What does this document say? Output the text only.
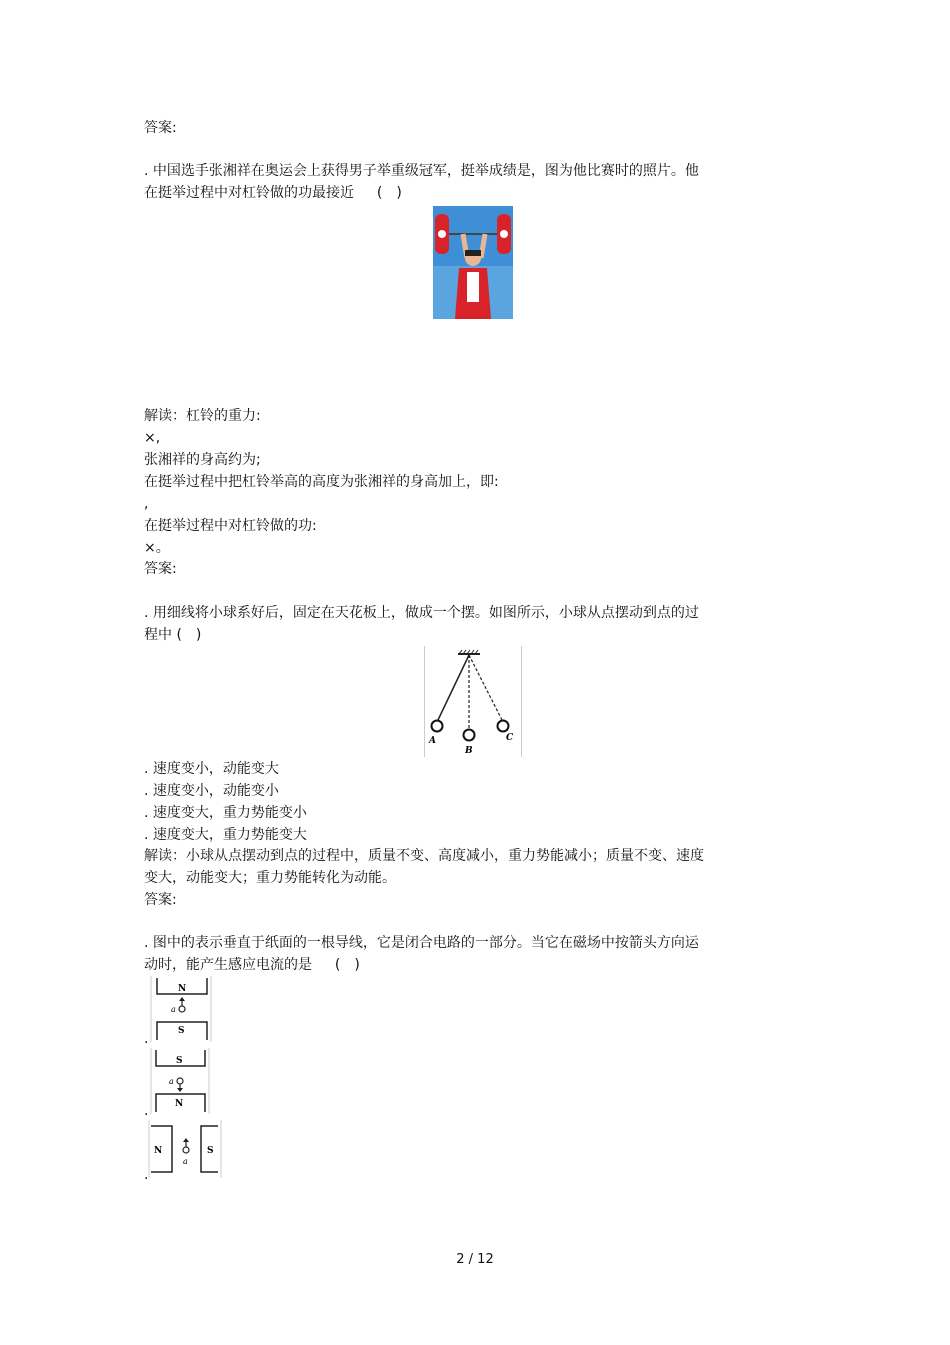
答案:
. 中国选手张湘祥在奥运会上获得男子举重级冠军，挺举成绩是，图为他比赛时的照片。他
在挺举过程中对杠铃做的功最接近 　 (　)
解读：杠铃的重力:
×,
张湘祥的身高约为;
在挺举过程中把杠铃举高的高度为张湘祥的身高加上，即:
,
在挺举过程中对杠铃做的功:
×。
答案:
. 用细线将小球系好后，固定在天花板上，做成一个摆。如图所示，小球从点摆动到点的过
程中 (　)
A
B
C
. 速度变小，动能变大
. 速度变小，动能变小
. 速度变大，重力势能变小
. 速度变大，重力势能变大
解读：小球从点摆动到点的过程中，质量不变、高度减小，重力势能减小；质量不变、速度
变大，动能变大；重力势能转化为动能。
答案:
. 图中的表示垂直于纸面的一根导线，它是闭合电路的一部分。当它在磁场中按箭头方向运
动时，能产生感应电流的是 　 (　)
N
a
S
.
S
a
N
.
N
a
S
.
2 / 12
